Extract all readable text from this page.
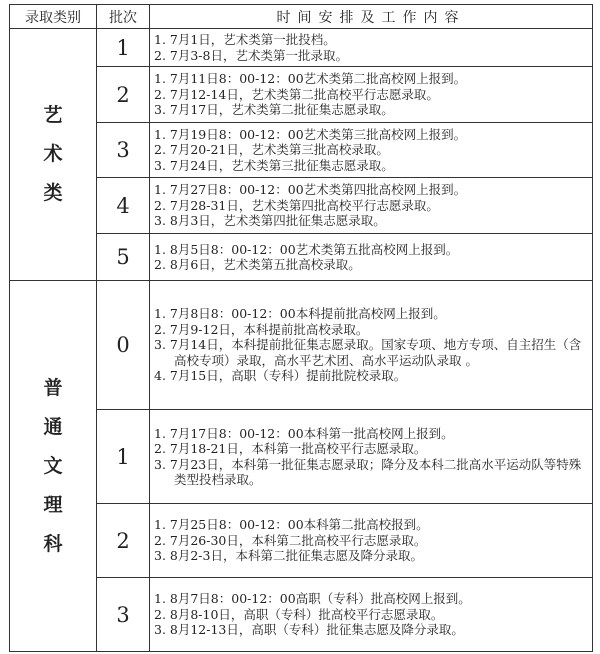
录取类别	批次	时间安排及工作内容
艺术类	1	1. 7月1日，艺术类第一批投档。
2. 7月3-8日，艺术类第一批录取。

	2	1. 7月11日8：00-12：00艺术类第二批高校网上报到。
2. 7月12-14日，艺术类第二批高校平行志愿录取。
3. 7月17日，艺术类第二批征集志愿录取。

	3	1. 7月19日8：00-12：00艺术类第三批高校网上报到。
2. 7月20-21日，艺术类第三批高校录取。
3. 7月24日，艺术类第三批征集志愿录取。

	4	1. 7月27日8：00-12：00艺术类第四批高校网上报到。
2. 7月28-31日，艺术类第四批高校平行志愿录取。
3. 8月3日，艺术类第四批征集志愿录取。

	5	1. 8月5日8：00-12：00艺术类第五批高校网上报到。
2. 8月6日，艺术类第五批高校录取。

普通文理科	0	1. 7月8日8：00-12：00本科提前批高校网上报到。
2. 7月9-12日，本科提前批高校录取。
3. 7月14日，本科提前批征集志愿录取。国家专项、地方专项、自主招生（含高校专项）录取，高水平艺术团、高水平运动队录取 。
4. 7月15日，高职（专科）提前批院校录取。

	1	1. 7月17日8：00-12：00本科第一批高校网上报到。
2. 7月18-21日，本科第一批高校平行志愿录取。
3. 7月23日，本科第一批征集志愿录取；降分及本科二批高水平运动队等特殊类型投档录取。

	2	1. 7月25日8：00-12：00本科第二批高校报到。
2. 7月26-30日，本科第二批高校平行志愿录取。
3. 8月2-3日，本科第二批征集志愿及降分录取。

	3	1. 8月7日8：00-12：00高职（专科）批高校网上报到。
2. 8月8-10日，高职（专科）批高校平行志愿录取。
3. 8月12-13日，高职（专科）批征集志愿及降分录取。
